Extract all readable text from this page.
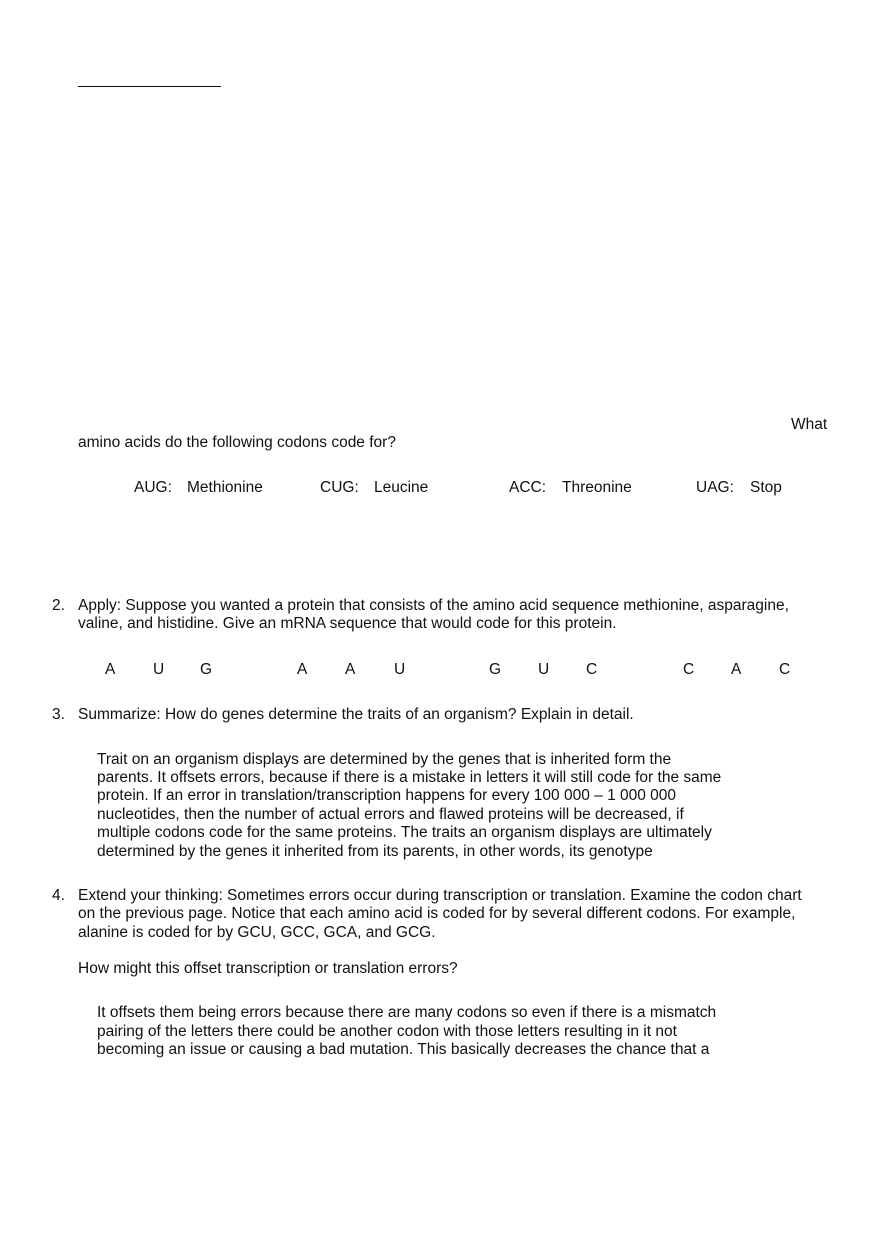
What
amino acids do the following codons code for?
AUG: Methionine	CUG: Leucine	ACC: Threonine	UAG: Stop
2. Apply: Suppose you wanted a protein that consists of the amino acid sequence methionine, asparagine,
valine, and histidine. Give an mRNA sequence that would code for this protein.
A U G	A A U	G U C	C A C
3. Summarize: How do genes determine the traits of an organism? Explain in detail.
Trait on an organism displays are determined by the genes that is inherited form the
parents. It offsets errors, because if there is a mistake in letters it will still code for the same
protein. If an error in translation/transcription happens for every 100 000 – 1 000 000
nucleotides, then the number of actual errors and flawed proteins will be decreased, if
multiple codons code for the same proteins. The traits an organism displays are ultimately
determined by the genes it inherited from its parents, in other words, its genotype
4. Extend your thinking: Sometimes errors occur during transcription or translation. Examine the codon chart
on the previous page. Notice that each amino acid is coded for by several different codons. For example,
alanine is coded for by GCU, GCC, GCA, and GCG.
How might this offset transcription or translation errors?
It offsets them being errors because there are many codons so even if there is a mismatch
pairing of the letters there could be another codon with those letters resulting in it not
becoming an issue or causing a bad mutation. This basically decreases the chance that a
